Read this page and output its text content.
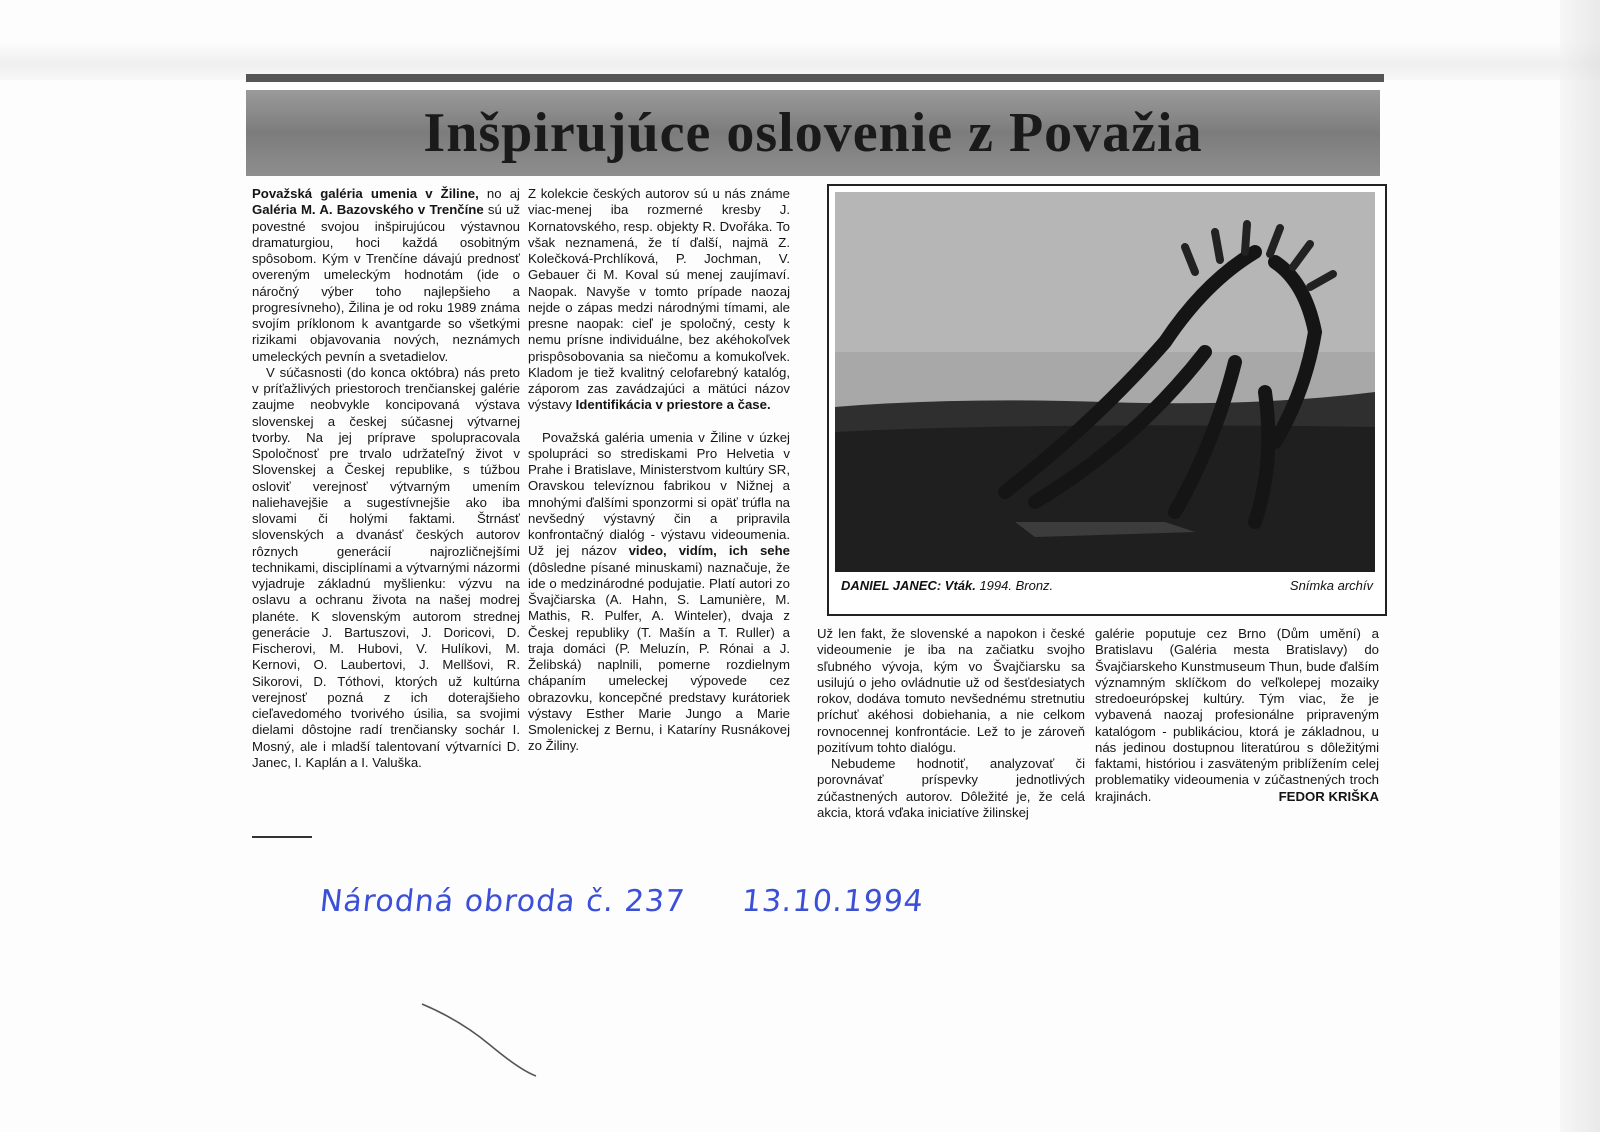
Inšpirujúce oslovenie z Považia

Považská galéria umenia v Žiline, no aj Galéria M. A. Bazovského v Trenčíne sú už povestné svojou inšpirujúcou výstavnou dramaturgiou, hoci každá osobitným spôsobom. Kým v Trenčíne dávajú prednosť overeným umeleckým hodnotám (ide o náročný výber toho najlepšieho a progresívneho), Žilina je od roku 1989 známa svojím príklonom k avantgarde so všetkými rizikami objavovania nových, neznámych umeleckých pevnín a svetadielov.

V súčasnosti (do konca októbra) nás preto v príťažlivých priestoroch trenčianskej galérie zaujme neobvykle koncipovaná výstava slovenskej a českej súčasnej výtvarnej tvorby. Na jej príprave spolupracovala Spoločnosť pre trvalo udržateľný život v Slovenskej a Českej republike, s túžbou osloviť verejnosť výtvarným umením naliehavejšie a sugestívnejšie ako iba slovami či holými faktami. Štrnásť slovenských a dvanásť českých autorov rôznych generácií najrozličnejšími technikami, disciplínami a výtvarnými názormi vyjadruje základnú myšlienku: výzvu na oslavu a ochranu života na našej modrej planéte. K slovenským autorom strednej generácie J. Bartuszovi, J. Doricovi, D. Fischerovi, M. Hubovi, V. Hulíkovi, M. Kernovi, O. Laubertovi, J. Mellšovi, R. Sikorovi, D. Tóthovi, ktorých už kultúrna verejnosť pozná z ich doterajšieho cieľavedomého tvorivého úsilia, sa svojimi dielami dôstojne radí trenčiansky sochár I. Mosný, ale i mladší talentovaní výtvarníci D. Janec, I. Kaplán a I. Valuška.

Z kolekcie českých autorov sú u nás známe viac-menej iba rozmerné kresby J. Kornatovského, resp. objekty R. Dvořáka. To však neznamená, že tí ďalší, najmä Z. Kolečková-Prchlíková, P. Jochman, V. Gebauer či M. Koval sú menej zaujímaví. Naopak. Navyše v tomto prípade naozaj nejde o zápas medzi národnými tímami, ale presne naopak: cieľ je spoločný, cesty k nemu prísne individuálne, bez akéhokoľvek prispôsobovania sa niečomu a komukoľvek. Kladom je tiež kvalitný celofarebný katalóg, záporom zas zavádzajúci a mätúci názov výstavy Identifikácia v priestore a čase.

Považská galéria umenia v Žiline v úzkej spolupráci so strediskami Pro Helvetia v Prahe i Bratislave, Ministerstvom kultúry SR, Oravskou televíznou fabrikou v Nižnej a mnohými ďalšími sponzormi si opäť trúfla na nevšedný výstavný čin a pripravila konfrontačný dialóg - výstavu videoumenia. Už jej názov video, vidím, ich sehe (dôsledne písané minuskami) naznačuje, že ide o medzinárodné podujatie. Platí autori zo Švajčiarska (A. Hahn, S. Lamunière, M. Mathis, R. Pulfer, A. Winteler), dvaja z Českej republiky (T. Mašín a T. Ruller) a traja domáci (P. Meluzín, P. Rónai a J. Želibská) naplnili, pomerne rozdielnym chápaním umeleckej výpovede cez obrazovku, koncepčné predstavy kurátoriek výstavy Esther Marie Jungo a Marie Smolenickej z Bernu, i Kataríny Rusnákovej zo Žiliny.

DANIEL JANEC: Vták. 1994. Bronz.	Snímka archív

Už len fakt, že slovenské a napokon i české videoumenie je iba na začiatku svojho sľubného vývoja, kým vo Švajčiarsku sa usilujú o jeho ovládnutie už od šesťdesiatych rokov, dodáva tomuto nevšednému stretnutiu príchuť akéhosi dobiehania, a nie celkom rovnocennej konfrontácie. Lež to je zároveň pozitívum tohto dialógu.

Nebudeme hodnotiť, analyzovať či porovnávať príspevky jednotlivých zúčastnených autorov. Dôležité je, že celá akcia, ktorá vďaka iniciatíve žilinskej

galérie poputuje cez Brno (Dům umění) a Bratislavu (Galéria mesta Bratislavy) do Švajčiarskeho Kunstmuseum Thun, bude ďalším významným sklíčkom do veľkolepej mozaiky stredoeurópskej kultúry. Tým viac, že je vybavená naozaj profesionálne pripraveným katalógom - publikáciou, ktorá je základnou, u nás jedinou dostupnou literatúrou s dôležitými faktami, históriou i zasväteným priblížením celej problematiky videoumenia v zúčastnených troch krajinách.	FEDOR KRIŠKA

Národná obroda č. 237 13.10.1994
